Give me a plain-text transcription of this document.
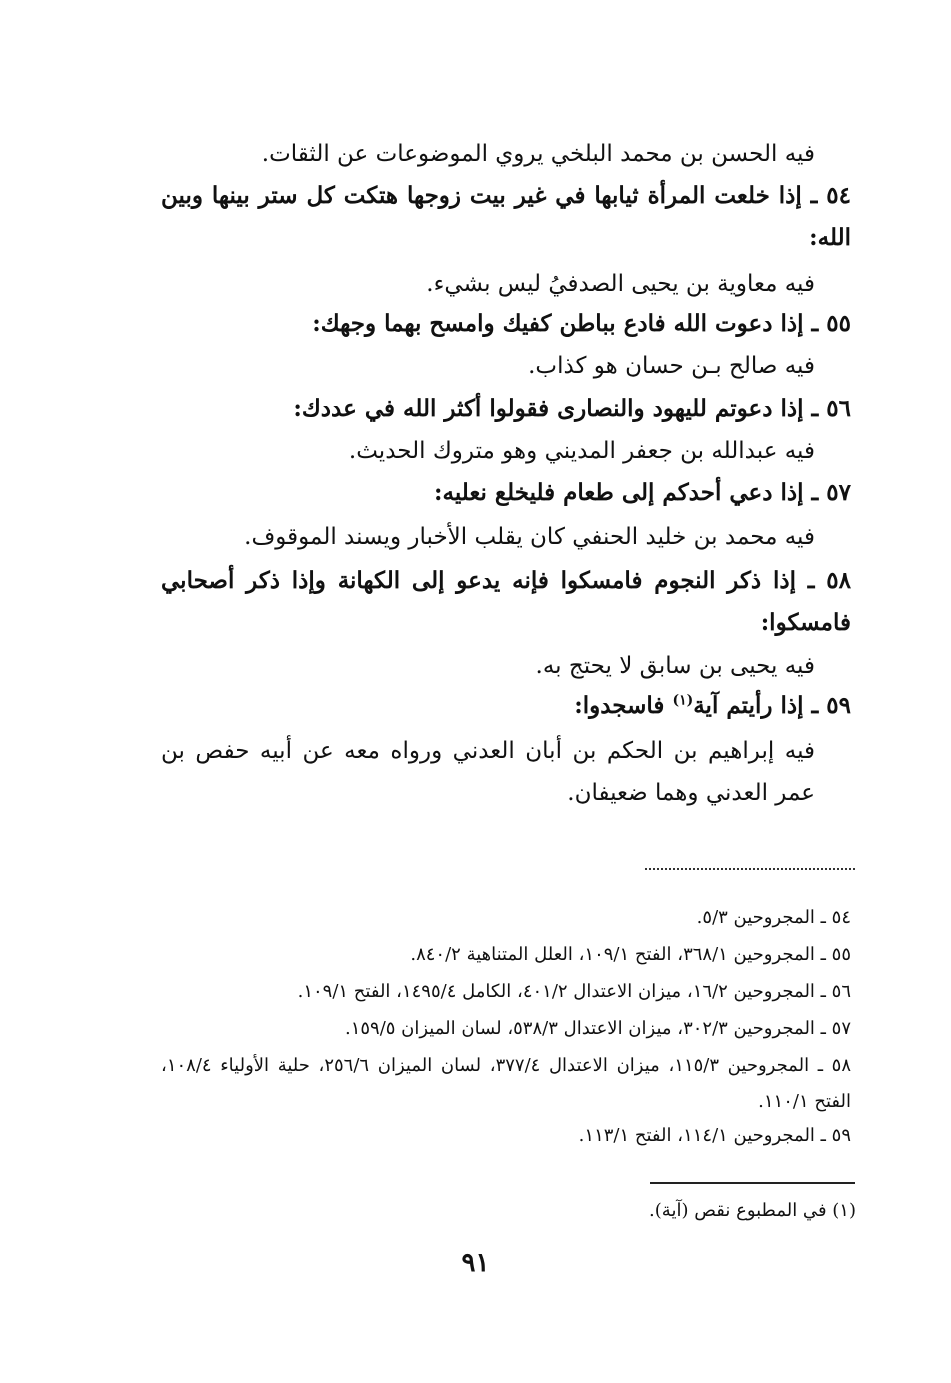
فيه الحسن بن محمد البلخي يروي الموضوعات عن الثقات.
٥٤ ـ إذا خلعت المرأة ثيابها في غير بيت زوجها هتكت كل ستر بينها وبين الله:
فيه معاوية بن يحيى الصدفيُ ليس بشيء.
٥٥ ـ إذا دعوت الله فادع بباطن كفيك وامسح بهما وجهك:
فيه صالح بـن حسان هو كذاب.
٥٦ ـ إذا دعوتم لليهود والنصارى فقولوا أكثر الله في عددك:
فيه عبدالله بن جعفر المديني وهو متروك الحديث.
٥٧ ـ إذا دعي أحدكم إلى طعام فليخلع نعليه:
فيه محمد بن خليد الحنفي كان يقلب الأخبار ويسند الموقوف.
٥٨ ـ إذا ذكر النجوم فامسكوا فإنه يدعو إلى الكهانة وإذا ذكر أصحابي فامسكوا:
فيه يحيى بن سابق لا يحتج به.
٥٩ ـ إذا رأيتم آية$^{(١)}$ فاسجدوا:
فيه إبراهيم بن الحكم بن أبان العدني ورواه معه عن أبيه حفص بن عمر العدني وهما ضعيفان.
٥٤ ـ المجروحين ٥/٣.
٥٥ ـ المجروحين ٣٦٨/١، الفتح ١٠٩/١، العلل المتناهية ٨٤٠/٢.
٥٦ ـ المجروحين ١٦/٢، ميزان الاعتدال ٤٠١/٢، الكامل ١٤٩٥/٤، الفتح ١٠٩/١.
٥٧ ـ المجروحين ٣٠٢/٣، ميزان الاعتدال ٥٣٨/٣، لسان الميزان ١٥٩/٥.
٥٨ ـ المجروحين ١١٥/٣، ميزان الاعتدال ٣٧٧/٤، لسان الميزان ٢٥٦/٦، حلية الأولياء ١٠٨/٤، الفتح ١١٠/١.
٥٩ ـ المجروحين ١١٤/١، الفتح ١١٣/١.
(١) في المطبوع نقص (آية).
٩١
